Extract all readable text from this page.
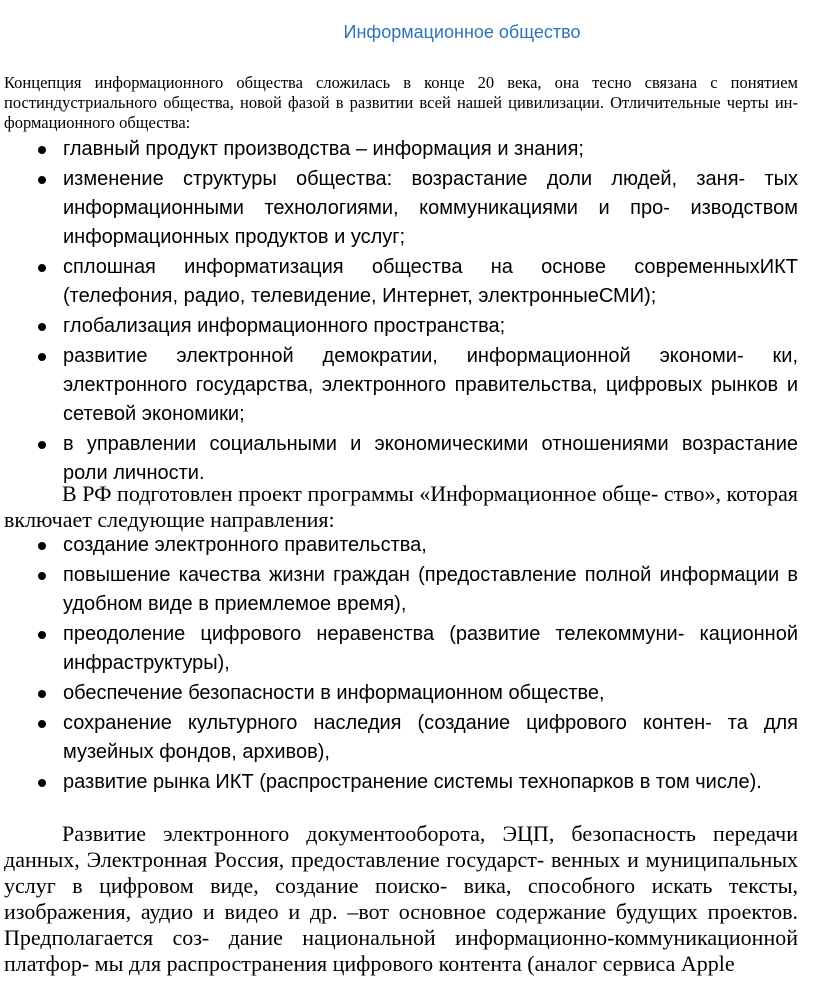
Информационное общество
Концепция информационного общества сложилась в конце 20 века, она тесно связана с понятием постиндустриального общества, новой фазой в развитии всей нашей цивилизации. Отличительные черты ин- формационного общества:
главный продукт производства – информация и знания;
изменение структуры общества: возрастание доли людей, заня- тых информационными технологиями, коммуникациями и про- изводством информационных продуктов и услуг;
сплошная информатизация общества на основе современныхИКТ (телефония, радио, телевидение, Интернет, электронныеСМИ);
глобализация информационного пространства;
развитие электронной демократии, информационной экономи- ки, электронного государства, электронного правительства, цифровых рынков и сетевой экономики;
в управлении социальными и экономическими отношениями возрастание роли личности.
В РФ подготовлен проект программы «Информационное обще- ство», которая включает следующие направления:
создание электронного правительства,
повышение качества жизни граждан (предоставление полной информации в удобном виде в приемлемое время),
преодоление цифрового неравенства (развитие телекоммуни- кационной инфраструктуры),
обеспечение безопасности в информационном обществе,
сохранение культурного наследия (создание цифрового контен- та для музейных фондов, архивов),
развитие рынка ИКТ (распространение системы технопарков в том числе).
Развитие электронного документооборота, ЭЦП, безопасность передачи данных, Электронная Россия, предоставление государст- венных и муниципальных услуг в цифровом виде, создание поиско- вика, способного искать тексты, изображения, аудио и видео и др. –вот основное содержание будущих проектов. Предполагается соз- дание национальной информационно-коммуникационной платфор- мы для распространения цифрового контента (аналог сервиса Apple
